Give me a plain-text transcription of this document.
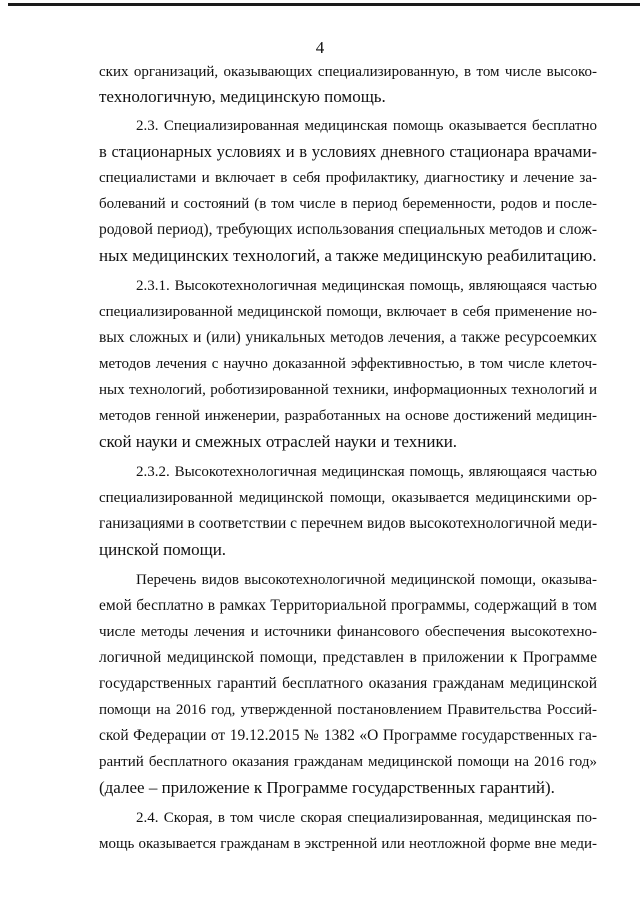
4
ских организаций, оказывающих специализированную, в том числе высоко-
технологичную, медицинскую помощь.
2.3. Специализированная медицинская помощь оказывается бесплатно
в стационарных условиях и в условиях дневного стационара врачами-
специалистами и включает в себя профилактику, диагностику и лечение за-
болеваний и состояний (в том числе в период беременности, родов и после-
родовой период), требующих использования специальных методов и слож-
ных медицинских технологий, а также медицинскую реабилитацию.
2.3.1. Высокотехнологичная медицинская помощь, являющаяся частью
специализированной медицинской помощи, включает в себя применение но-
вых сложных и (или) уникальных методов лечения, а также ресурсоемких
методов лечения с научно доказанной эффективностью, в том числе клеточ-
ных технологий, роботизированной техники, информационных технологий и
методов генной инженерии, разработанных на основе достижений медицин-
ской науки и смежных отраслей науки и техники.
2.3.2. Высокотехнологичная медицинская помощь, являющаяся частью
специализированной медицинской помощи, оказывается медицинскими ор-
ганизациями в соответствии с перечнем видов высокотехнологичной меди-
цинской помощи.
Перечень видов высокотехнологичной медицинской помощи, оказыва-
емой бесплатно в рамках Территориальной программы, содержащий в том
числе методы лечения и источники финансового обеспечения высокотехно-
логичной медицинской помощи, представлен в приложении к Программе
государственных гарантий бесплатного оказания гражданам медицинской
помощи на 2016 год, утвержденной постановлением Правительства Россий-
ской Федерации от 19.12.2015 № 1382 «О Программе государственных га-
рантий бесплатного оказания гражданам медицинской помощи на 2016 год»
(далее – приложение к Программе государственных гарантий).
2.4. Скорая, в том числе скорая специализированная, медицинская по-
мощь оказывается гражданам в экстренной или неотложной форме вне меди-
